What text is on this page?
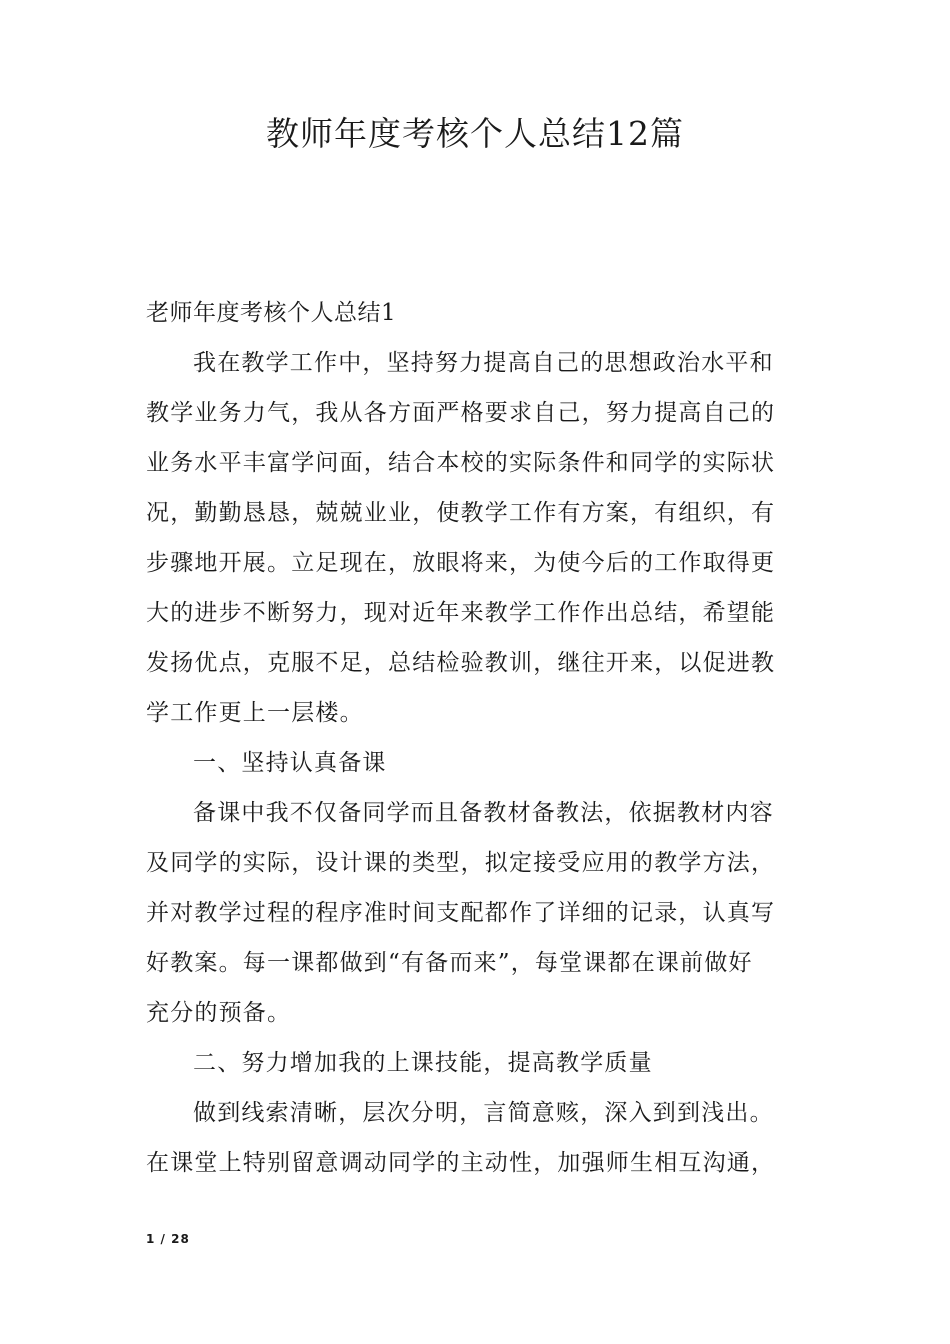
教师年度考核个人总结12篇

老师年度考核个人总结1

我在教学工作中，坚持努力提高自己的思想政治水平和

教学业务力气，我从各方面严格要求自己，努力提高自己的

业务水平丰富学问面，结合本校的实际条件和同学的实际状

况，勤勤恳恳，兢兢业业，使教学工作有方案，有组织，有

步骤地开展。立足现在，放眼将来，为使今后的工作取得更

大的进步不断努力，现对近年来教学工作作出总结，希望能

发扬优点，克服不足，总结检验教训，继往开来，以促进教

学工作更上一层楼。

一、坚持认真备课

备课中我不仅备同学而且备教材备教法，依据教材内容

及同学的实际，设计课的类型，拟定接受应用的教学方法，

并对教学过程的程序准时间支配都作了详细的记录，认真写

好教案。每一课都做到“有备而来”，每堂课都在课前做好

充分的预备。

二、努力增加我的上课技能，提高教学质量

做到线索清晰，层次分明，言简意赅，深入到到浅出。

在课堂上特别留意调动同学的主动性，加强师生相互沟通，

1 / 28
